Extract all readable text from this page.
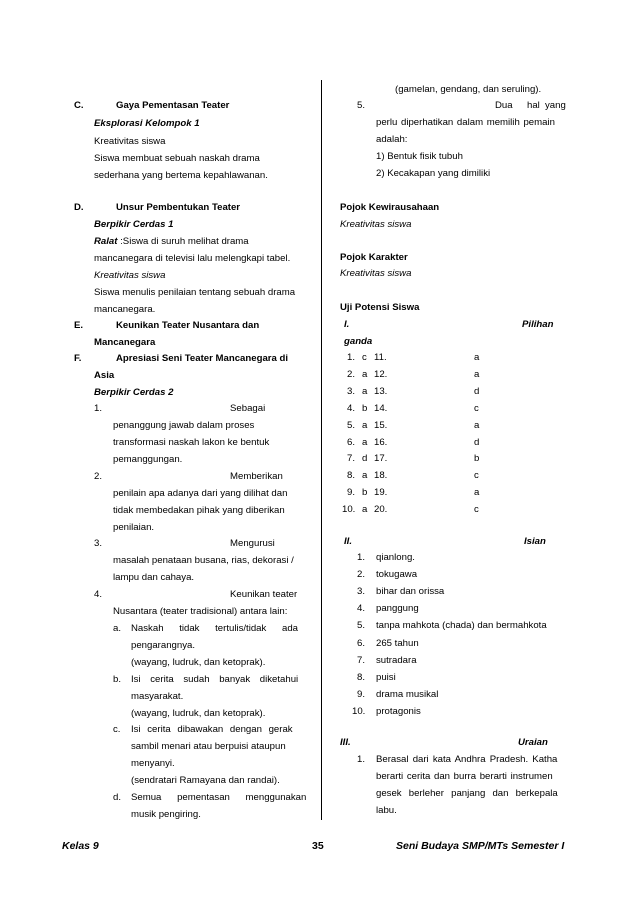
C.	Gaya Pementasan Teater
Eksplorasi Kelompok 1
Kreativitas siswa
Siswa membuat sebuah naskah drama
sederhana yang bertema kepahlawanan.
D.	Unsur Pembentukan Teater
Berpikir Cerdas 1
Ralat :Siswa di suruh melihat drama
mancanegara di televisi lalu melengkapi tabel.
Kreativitas siswa
Siswa menulis penilaian tentang sebuah drama
mancanegara.
E.	Keunikan Teater Nusantara dan
Mancanegara
F.	Apresiasi Seni Teater Mancanegara di
Asia
Berpikir Cerdas 2
1.	Sebagai
penanggung jawab dalam proses
transformasi naskah lakon ke bentuk
pemanggungan.
2.	Memberikan
penilain apa adanya dari yang dilihat dan
tidak membedakan pihak yang diberikan
penilaian.
3.	Mengurusi
masalah penataan busana, rias, dekorasi /
lampu dan cahaya.
4.	Keunikan teater
Nusantara (teater tradisional) antara lain:
a. Naskah tidak tertulis/tidak ada
pengarangnya.
(wayang, ludruk, dan ketoprak).
b. Isi cerita sudah banyak diketahui
masyarakat.
(wayang, ludruk, dan ketoprak).
c. Isi cerita dibawakan dengan gerak
sambil menari atau berpuisi ataupun
menyanyi.
(sendratari Ramayana dan randai).
d. Semua pementasan menggunakan
musik pengiring.
(gamelan, gendang, dan seruling).
5.	Dua hal yang
perlu diperhatikan dalam memilih pemain
adalah:
1) Bentuk fisik tubuh
2) Kecakapan yang dimiliki
Pojok Kewirausahaan
Kreativitas siswa
Pojok Karakter
Kreativitas siswa
Uji Potensi Siswa
I.	Pilihan
ganda
1. c 11.	a
2. a 12.	a
3. a 13.	d
4. b 14.	c
5. a 15.	a
6. a 16.	d
7. d 17.	b
8. a 18.	c
9. b 19.	a
10. a 20.	c
II.	Isian
1. qianlong.
2. tokugawa
3. bihar dan orissa
4. panggung
5. tanpa mahkota (chada) dan bermahkota
6. 265 tahun
7. sutradara
8. puisi
9. drama musikal
10. protagonis
III.	Uraian
1. Berasal dari kata Andhra Pradesh. Katha
berarti cerita dan burra berarti instrumen
gesek berleher panjang dan berkepala
labu.
Kelas 9	35	Seni Budaya SMP/MTs Semester I
